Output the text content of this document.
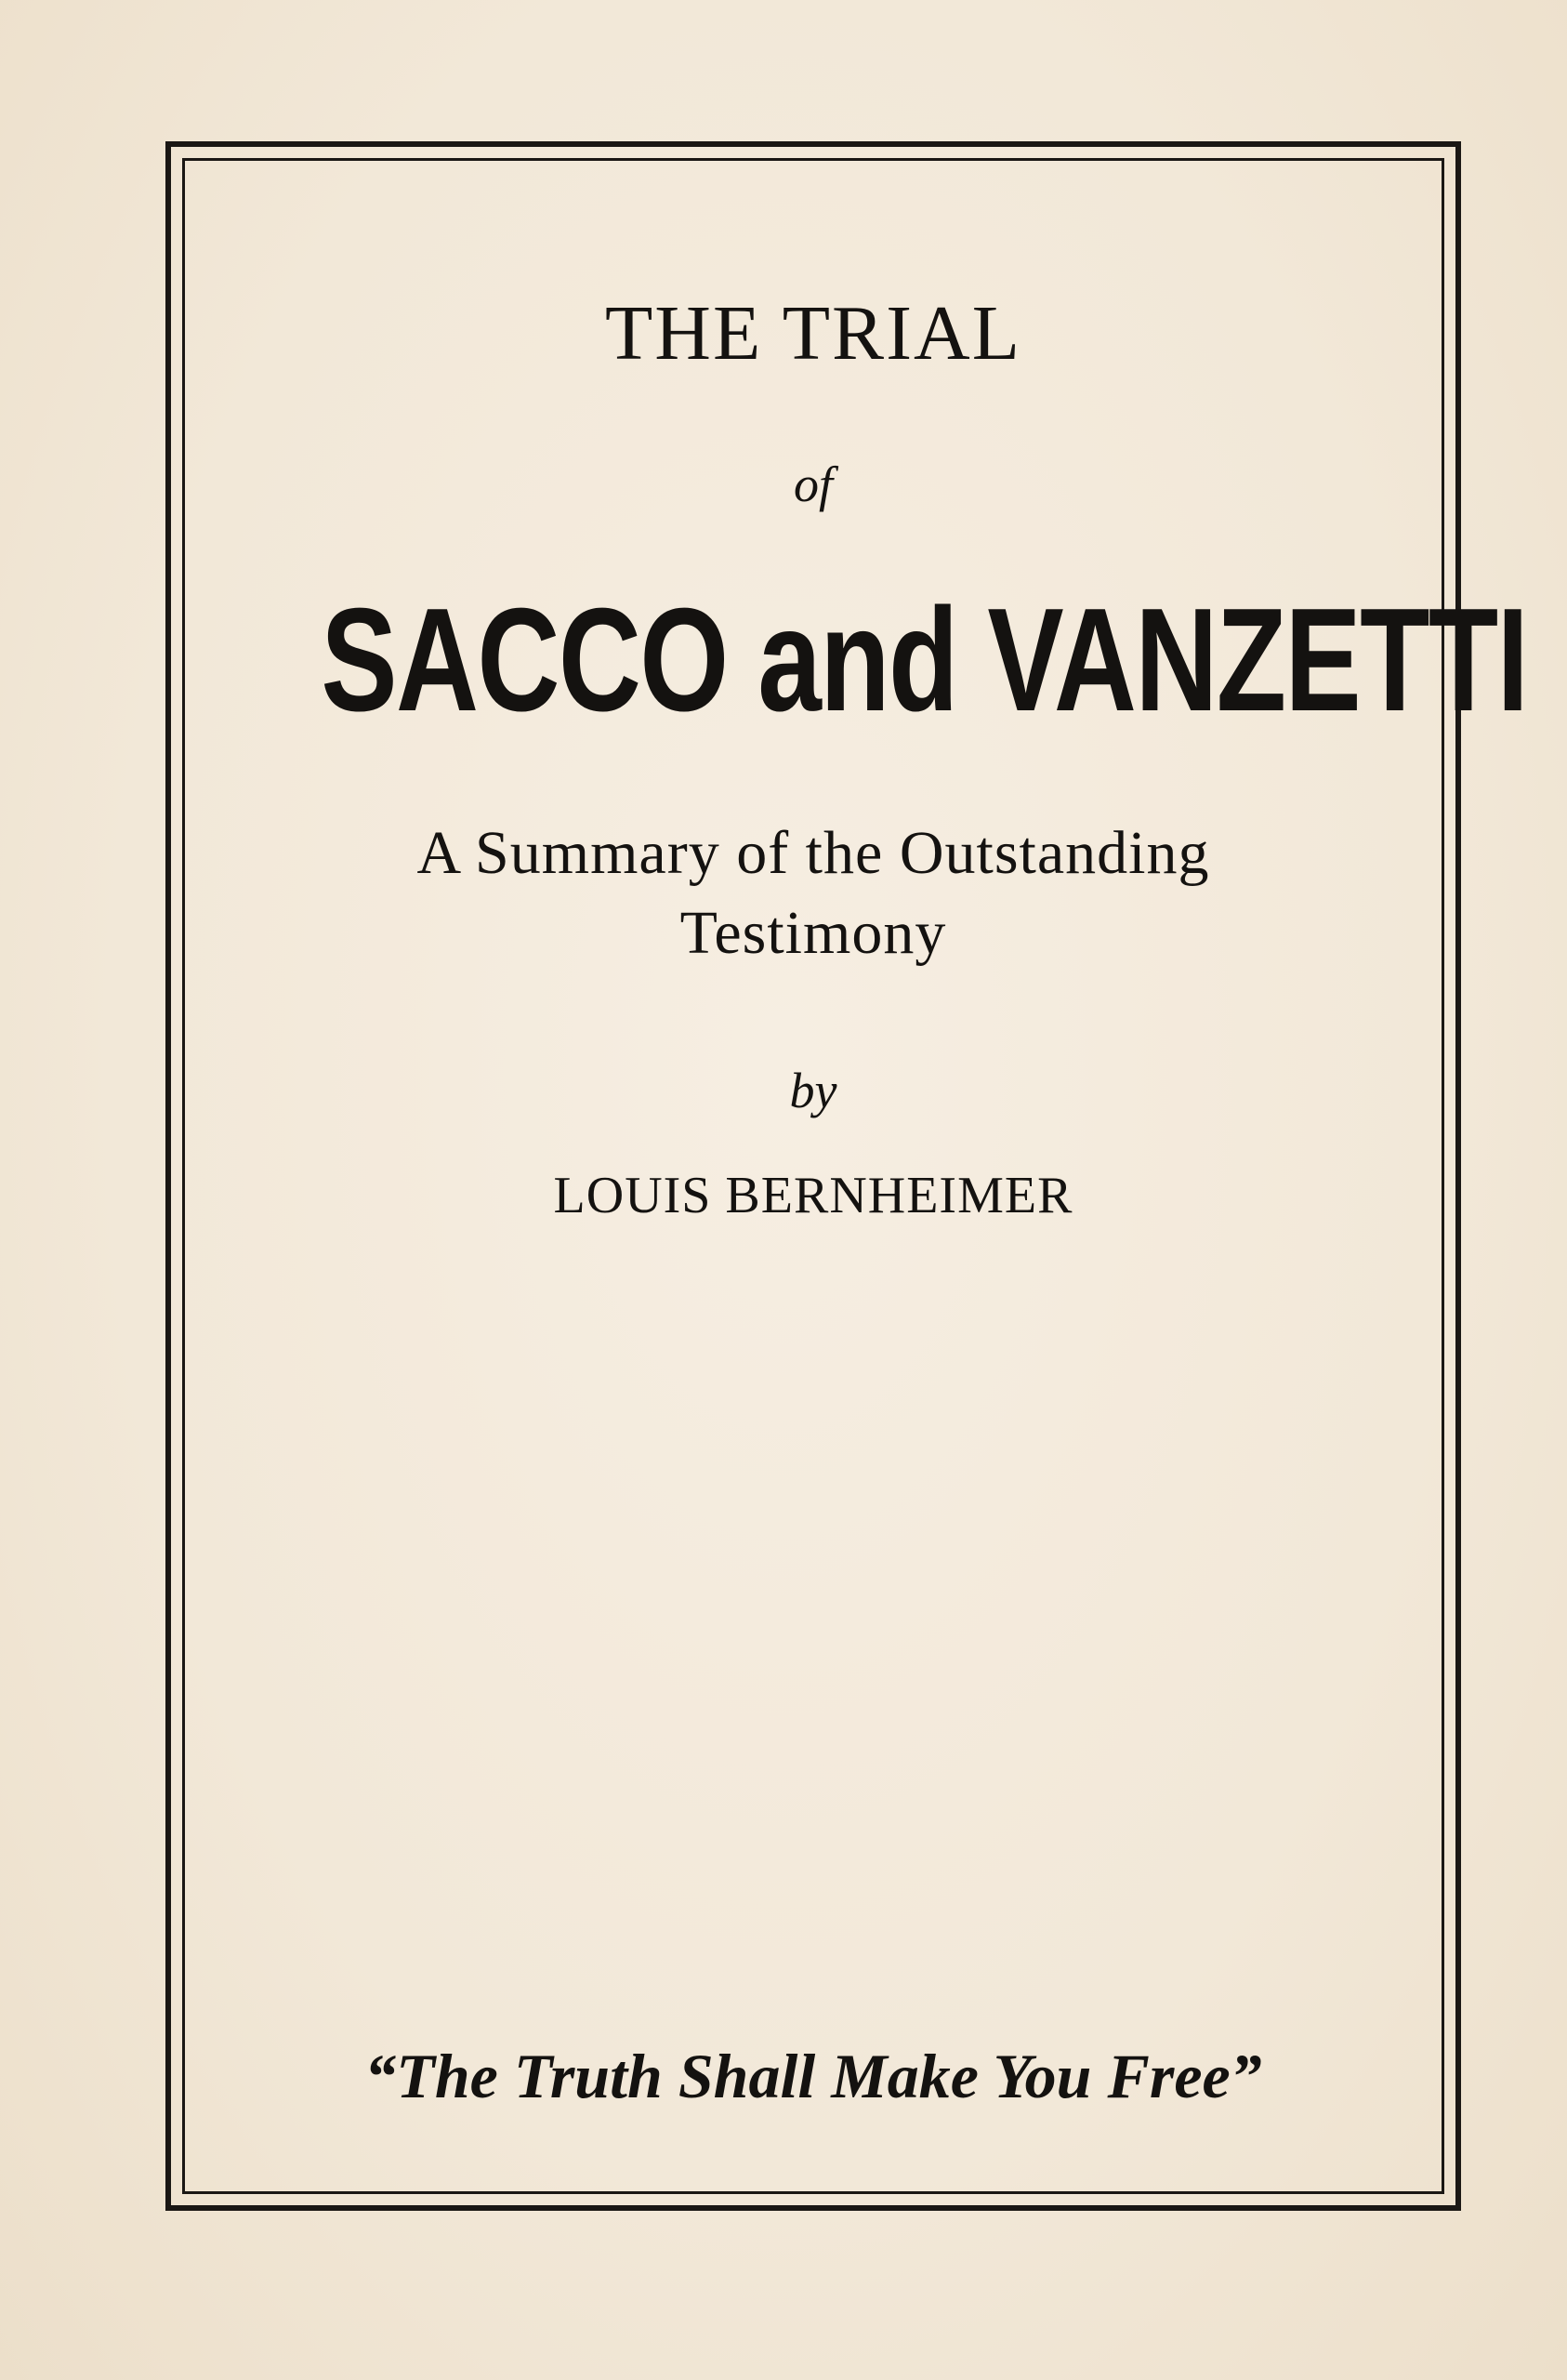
THE TRIAL

of

SACCO and VANZETTI

A Summary of the Outstanding

Testimony

by

LOUIS BERNHEIMER

“The Truth Shall Make You Free”
